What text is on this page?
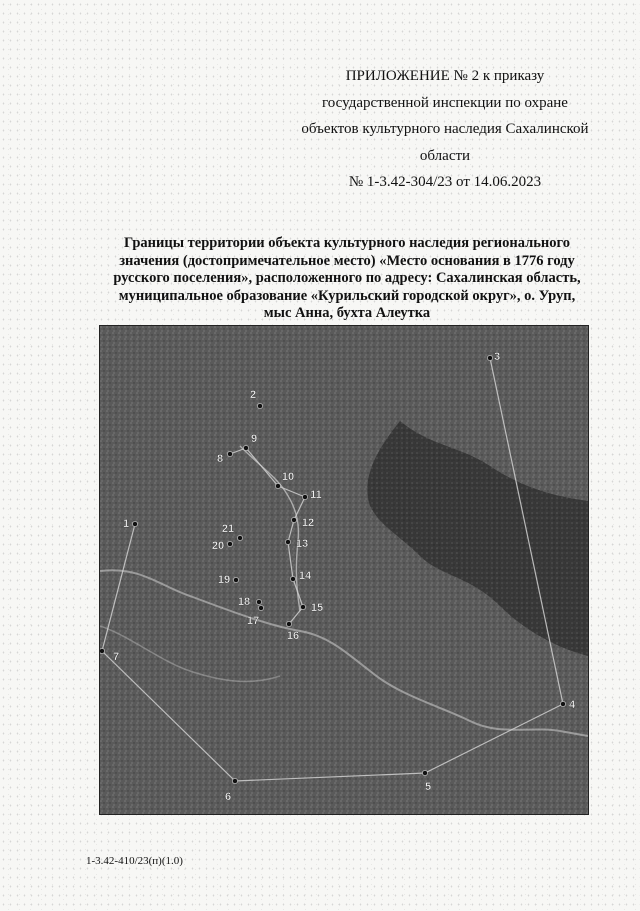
ПРИЛОЖЕНИЕ № 2 к приказу
государственной инспекции по охране
объектов культурного наследия Сахалинской
области
№ 1-3.42-304/23 от 14.06.2023
Границы территории объекта культурного наследия регионального
значения (достопримечательное место) «Место основания в 1776 году
русского поселения», расположенного по адресу: Сахалинская область,
муниципальное образование «Курильский городской округ», о. Уруп,
мыс Анна, бухта Алеутка
1
2
3
4
5
6
7
8
9
10
11
12
13
14
15
16
17
18
19
20
21
1-3.42-410/23(п)(1.0)
